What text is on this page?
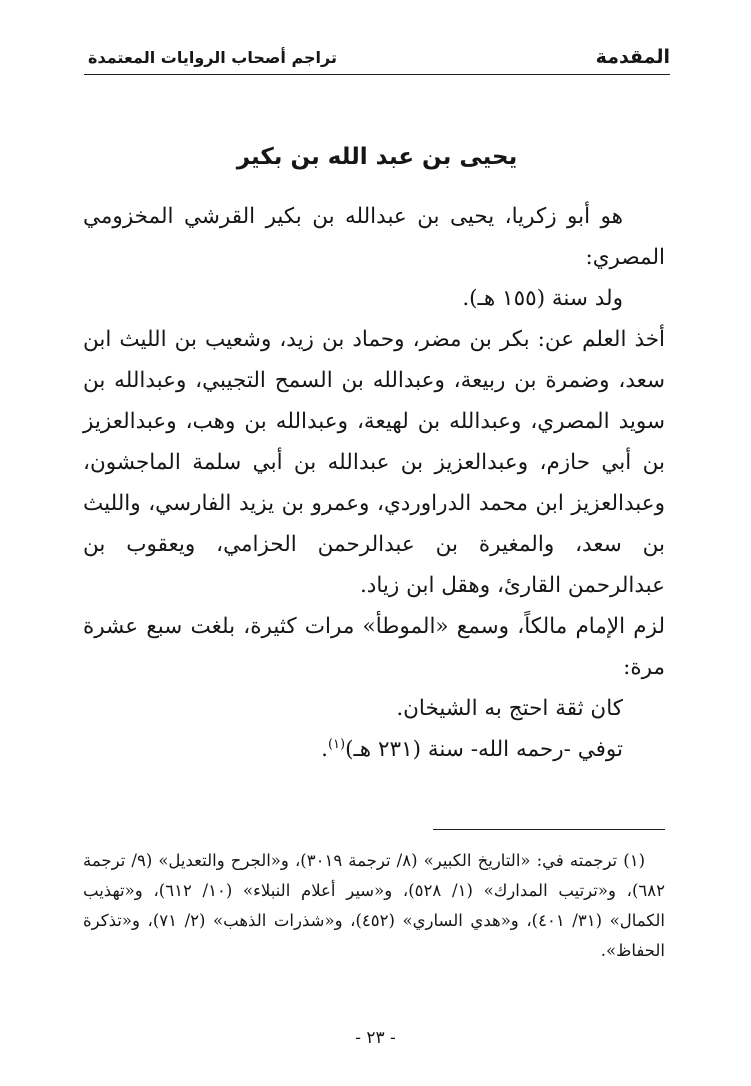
المقدمة
تراجم أصحاب الروايات المعتمدة
يحيى بن عبد الله بن بكير

هو أبو زكريا، يحيى بن عبدالله بن بكير القرشي المخزومي المصري:

ولد سنة (١٥٥ هـ).

أخذ العلم عن: بكر بن مضر، وحماد بن زيد، وشعيب بن الليث ابن سعد، وضمرة بن ربيعة، وعبدالله بن السمح التجيبي، وعبدالله بن سويد المصري، وعبدالله بن لهيعة، وعبدالله بن وهب، وعبدالعزيز بن أبي حازم، وعبدالعزيز بن عبدالله بن أبي سلمة الماجشون، وعبدالعزيز ابن محمد الدراوردي، وعمرو بن يزيد الفارسي، والليث بن سعد، والمغيرة بن عبدالرحمن الحزامي، ويعقوب بن عبدالرحمن القارئ، وهقل ابن زياد.

لزم الإمام مالكاً، وسمع «الموطأ» مرات كثيرة، بلغت سبع عشرة مرة:

كان ثقة احتج به الشيخان.

توفي -رحمه الله- سنة (٢٣١ هـ)$^{(١)}$.

(١) ترجمته في: «التاريخ الكبير» (٨/ ترجمة ٣٠١٩)، و«الجرح والتعديل» (٩/ ترجمة ٦٨٢)، و«ترتيب المدارك» (١/ ٥٢٨)، و«سير أعلام النبلاء» (١٠/ ٦١٢)، و«تهذيب الكمال» (٣١/ ٤٠١)، و«هدي الساري» (٤٥٢)، و«شذرات الذهب» (٢/ ٧١)، و«تذكرة الحفاظ».

- ٢٣ -
